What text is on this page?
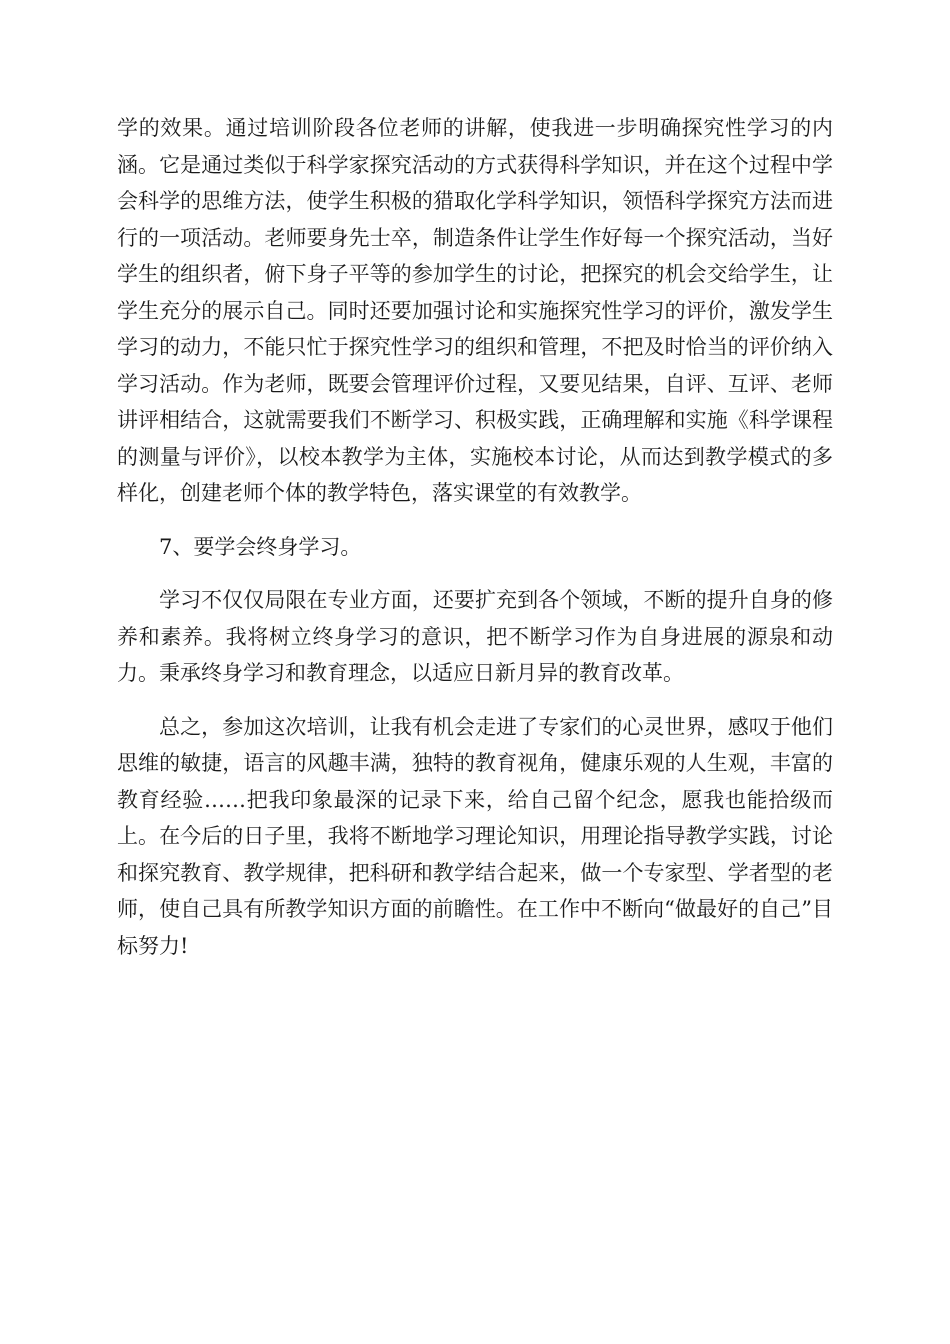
学的效果。通过培训阶段各位老师的讲解，使我进一步明确探究性学习的内涵。它是通过类似于科学家探究活动的方式获得科学知识，并在这个过程中学会科学的思维方法，使学生积极的猎取化学科学知识，领悟科学探究方法而进行的一项活动。老师要身先士卒，制造条件让学生作好每一个探究活动，当好学生的组织者，俯下身子平等的参加学生的讨论，把探究的机会交给学生，让学生充分的展示自己。同时还要加强讨论和实施探究性学习的评价，激发学生学习的动力，不能只忙于探究性学习的组织和管理，不把及时恰当的评价纳入学习活动。作为老师，既要会管理评价过程，又要见结果，自评、互评、老师讲评相结合，这就需要我们不断学习、积极实践，正确理解和实施《科学课程的测量与评价》，以校本教学为主体，实施校本讨论，从而达到教学模式的多样化，创建老师个体的教学特色，落实课堂的有效教学。

7、要学会终身学习。

学习不仅仅局限在专业方面，还要扩充到各个领域，不断的提升自身的修养和素养。我将树立终身学习的意识，把不断学习作为自身进展的源泉和动力。秉承终身学习和教育理念，以适应日新月异的教育改革。

总之，参加这次培训，让我有机会走进了专家们的心灵世界，感叹于他们思维的敏捷，语言的风趣丰满，独特的教育视角，健康乐观的人生观，丰富的教育经验……把我印象最深的记录下来，给自己留个纪念，愿我也能拾级而上。在今后的日子里，我将不断地学习理论知识，用理论指导教学实践，讨论和探究教育、教学规律，把科研和教学结合起来，做一个专家型、学者型的老师，使自己具有所教学知识方面的前瞻性。在工作中不断向“做最好的自己”目标努力!
